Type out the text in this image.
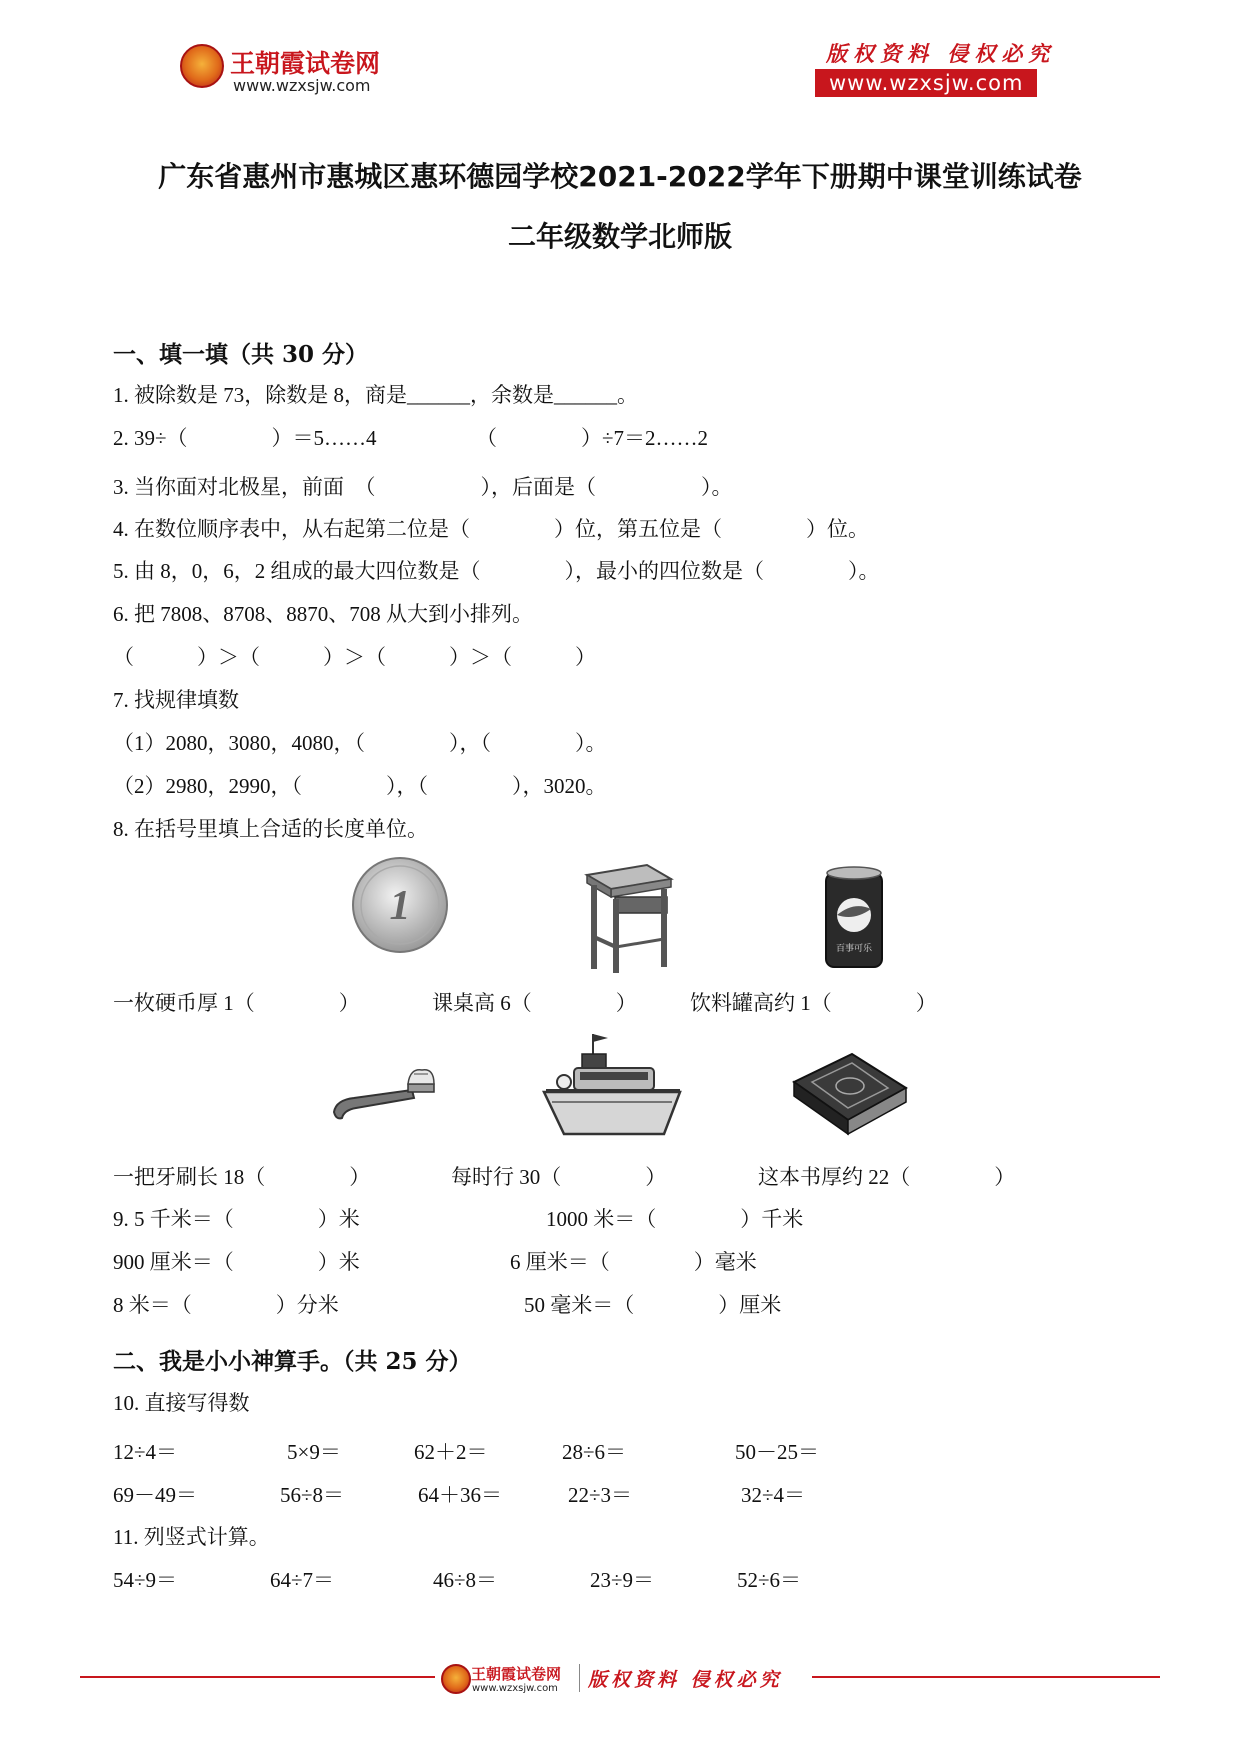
王朝霞试卷网
www.wzxsjw.com
版权资料 侵权必究
www.wzxsjw.com
广东省惠州市惠城区惠环德园学校2021-2022学年下册期中课堂训练试卷
二年级数学北师版
一、填一填（共 30 分）
1. 被除数是 73，除数是 8，商是______，余数是______。
2. 39÷（　　　　）＝5……4	（　　　　）÷7＝2……2
3. 当你面对北极星，前面　（　　　　　），后面是（　　　　　）。
4. 在数位顺序表中，从右起第二位是（　　　　）位，第五位是（　　　　）位。
5. 由 8，0，6，2 组成的最大四位数是（　　　　），最小的四位数是（　　　　）。
6. 把 7808、8708、8870、708 从大到小排列。
（　　　）＞（　　　）＞（　　　）＞（　　　）
7. 找规律填数
（1）2080，3080，4080，（　　　　），（　　　　）。
（2）2980，2990，（　　　　），（　　　　），3020。
8. 在括号里填上合适的长度单位。
1
百事可乐
一枚硬币厚 1（　　　　）	课桌高 6（　　　　）	饮料罐高约 1（　　　　）
一把牙刷长 18（　　　　）	每时行 30（　　　　）	这本书厚约 22（　　　　）
9. 5 千米＝（　　　　）米	1000 米＝（　　　　）千米
900 厘米＝（　　　　）米	6 厘米＝（　　　　）毫米
8 米＝（　　　　）分米	50 毫米＝（　　　　）厘米
二、我是小小神算手。（共 25 分）
10. 直接写得数
12÷4＝	5×9＝	62＋2＝	28÷6＝	50－25＝
69－49＝	56÷8＝	64＋36＝	22÷3＝	32÷4＝
11. 列竖式计算。
54÷9＝	64÷7＝	46÷8＝	23÷9＝	52÷6＝
王朝霞试卷网
www.wzxsjw.com 版权资料 侵权必究
